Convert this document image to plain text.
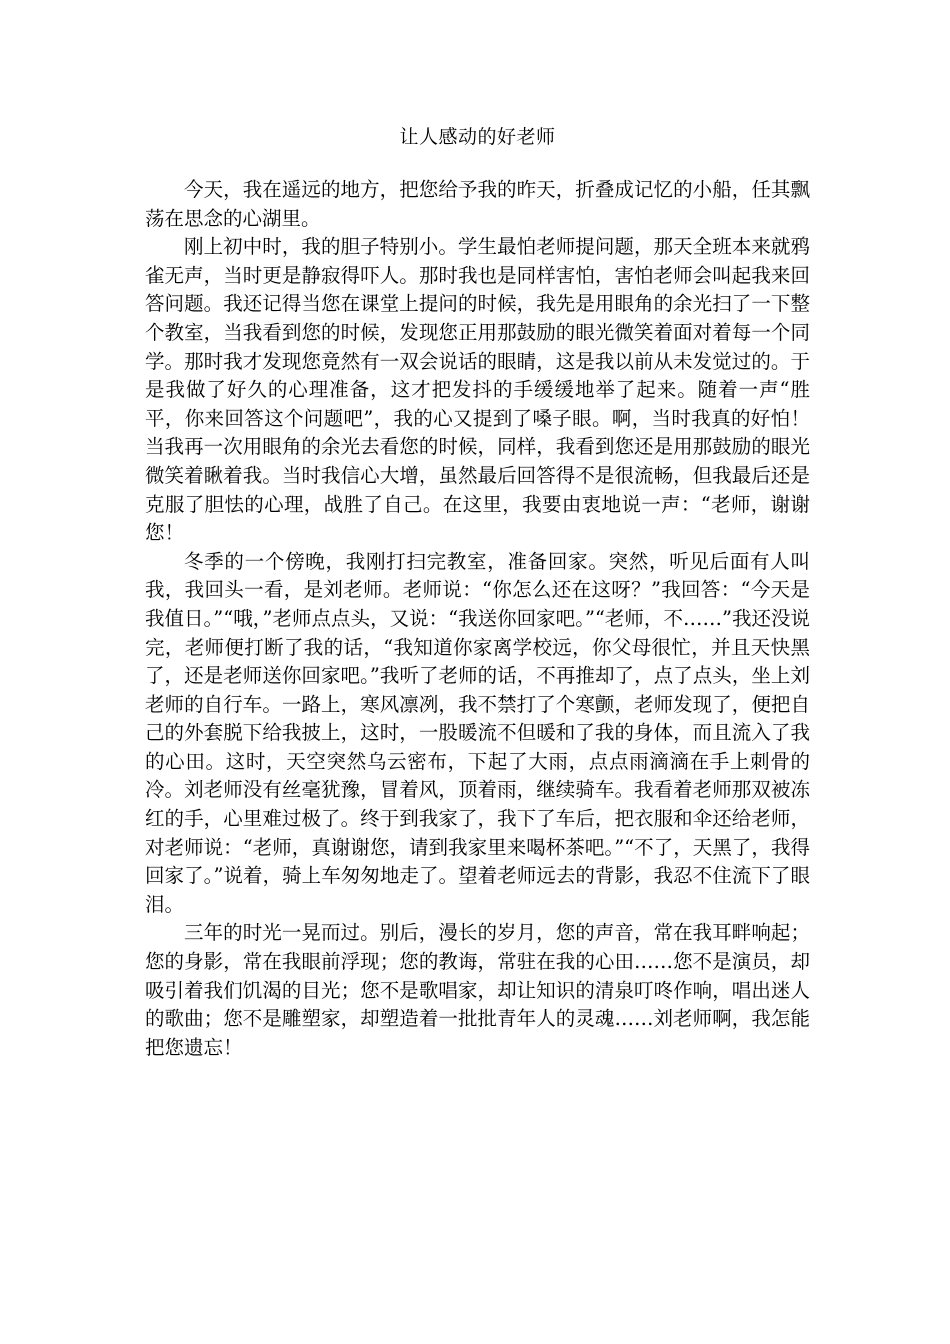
让人感动的好老师

今天，我在遥远的地方，把您给予我的昨天，折叠成记忆的小船，任其飘荡在思念的心湖里。

刚上初中时，我的胆子特别小。学生最怕老师提问题，那天全班本来就鸦雀无声，当时更是静寂得吓人。那时我也是同样害怕，害怕老师会叫起我来回答问题。我还记得当您在课堂上提问的时候，我先是用眼角的余光扫了一下整个教室，当我看到您的时候，发现您正用那鼓励的眼光微笑着面对着每一个同学。那时我才发现您竟然有一双会说话的眼睛，这是我以前从未发觉过的。于是我做了好久的心理准备，这才把发抖的手缓缓地举了起来。随着一声“胜平，你来回答这个问题吧”，我的心又提到了嗓子眼。啊，当时我真的好怕！当我再一次用眼角的余光去看您的时候，同样，我看到您还是用那鼓励的眼光微笑着瞅着我。当时我信心大增，虽然最后回答得不是很流畅，但我最后还是克服了胆怯的心理，战胜了自己。在这里，我要由衷地说一声：“老师，谢谢您！

冬季的一个傍晚，我刚打扫完教室，准备回家。突然，听见后面有人叫我，我回头一看，是刘老师。老师说：“你怎么还在这呀？”我回答：“今天是我值日。”“哦，”老师点点头，又说：“我送你回家吧。”“老师，不……”我还没说完，老师便打断了我的话，“我知道你家离学校远，你父母很忙，并且天快黑了，还是老师送你回家吧。”我听了老师的话，不再推却了，点了点头，坐上刘老师的自行车。一路上，寒风凛冽，我不禁打了个寒颤，老师发现了，便把自己的外套脱下给我披上，这时，一股暖流不但暖和了我的身体，而且流入了我的心田。这时，天空突然乌云密布，下起了大雨，点点雨滴滴在手上刺骨的冷。刘老师没有丝毫犹豫，冒着风，顶着雨，继续骑车。我看着老师那双被冻红的手，心里难过极了。终于到我家了，我下了车后，把衣服和伞还给老师，对老师说：“老师，真谢谢您，请到我家里来喝杯茶吧。”“不了，天黑了，我得回家了。”说着，骑上车匆匆地走了。望着老师远去的背影，我忍不住流下了眼泪。

三年的时光一晃而过。别后，漫长的岁月，您的声音，常在我耳畔响起；您的身影，常在我眼前浮现；您的教诲，常驻在我的心田……您不是演员，却吸引着我们饥渴的目光；您不是歌唱家，却让知识的清泉叮咚作响，唱出迷人的歌曲；您不是雕塑家，却塑造着一批批青年人的灵魂……刘老师啊，我怎能把您遗忘！
